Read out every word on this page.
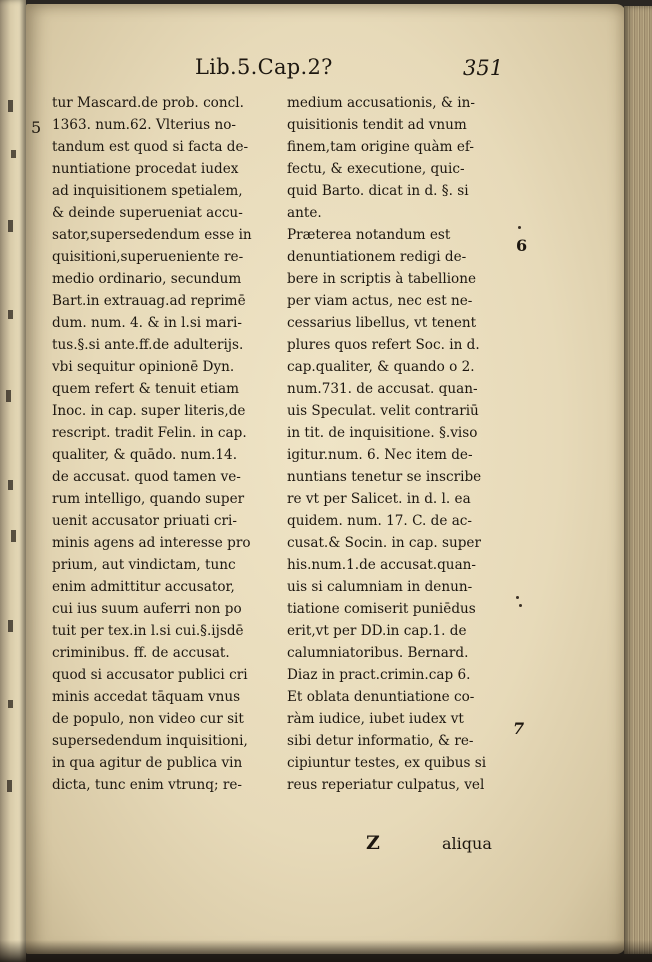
Lib.5.Cap.2?	351
5
6
7
tur Mascard.de prob. concl.
1363. num.62. Vlterius no-
tandum est quod si facta de-
nuntiatione procedat iudex
ad inquisitionem spetialem,
& deinde superueniat accu-
sator,supersedendum esse in
quisitioni,superueniente re-
medio ordinario, secundum
Bart.in extrauag.ad reprimē
dum. num. 4. & in l.si mari-
tus.§.si ante.ff.de adulterijs.
vbi sequitur opinionē Dyn.
quem refert & tenuit etiam
Inoc. in cap. super literis,de
rescript. tradit Felin. in cap.
qualiter, & quādo. num.14.
de accusat. quod tamen ve-
rum intelligo, quando super
uenit accusator priuati cri-
minis agens ad interesse pro
prium, aut vindictam, tunc
enim admittitur accusator,
cui ius suum auferri non po
tuit per tex.in l.si cui.§.ijsdē
criminibus. ff. de accusat.
quod si accusator publici cri
minis accedat tāquam vnus
de populo, non video cur sit
supersedendum inquisitioni,
in qua agitur de publica vin
dicta, tunc enim vtrunq; re-
medium accusationis, & in-
quisitionis tendit ad vnum
finem,tam origine quàm ef-
fectu, & executione, quic-
quid Barto. dicat in d. §. si
ante.
Præterea notandum est
denuntiationem redigi de-
bere in scriptis à tabellione
per viam actus, nec est ne-
cessarius libellus, vt tenent
plures quos refert Soc. in d.
cap.qualiter, & quando o 2.
num.731. de accusat. quan-
uis Speculat. velit contrariū
in tit. de inquisitione. §.viso
igitur.num. 6. Nec item de-
nuntians tenetur se inscribe
re vt per Salicet. in d. l. ea
quidem. num. 17. C. de ac-
cusat.& Socin. in cap. super
his.num.1.de accusat.quan-
uis si calumniam in denun-
tiatione comiserit puniēdus
erit,vt per DD.in cap.1. de
calumniatoribus. Bernard.
Diaz in pract.crimin.cap 6.
Et oblata denuntiatione co-
ràm iudice, iubet iudex vt
sibi detur informatio, & re-
cipiuntur testes, ex quibus si
reus reperiatur culpatus, vel
Z	aliqua
